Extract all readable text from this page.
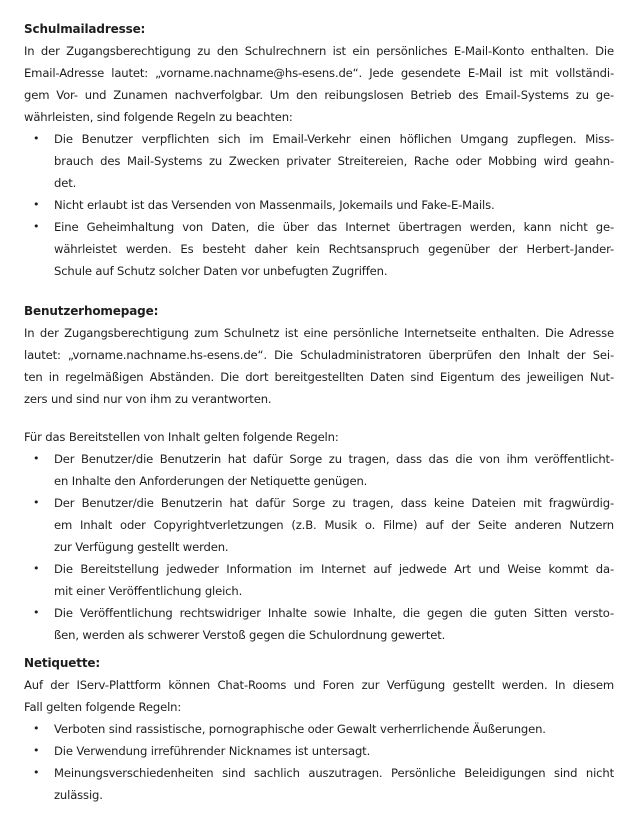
Schulmailadresse:

In der Zugangsberechtigung zu den Schulrechnern ist ein persönliches E-Mail-Konto enthalten. Die

Email-Adresse lautet: „vorname.nachname@hs-esens.de“. Jede gesendete E-Mail ist mit vollständi-

gem Vor- und Zunamen nachverfolgbar. Um den reibungslosen Betrieb des Email-Systems zu ge-

währleisten, sind folgende Regeln zu beachten:

• Die Benutzer verpflichten sich im Email-Verkehr einen höflichen Umgang zupflegen. Miss-

brauch des Mail-Systems zu Zwecken privater Streitereien, Rache oder Mobbing wird geahn-

det.

• Nicht erlaubt ist das Versenden von Massenmails, Jokemails und Fake-E-Mails.

• Eine Geheimhaltung von Daten, die über das Internet übertragen werden, kann nicht ge-

währleistet werden. Es besteht daher kein Rechtsanspruch gegenüber der Herbert-Jander-

Schule auf Schutz solcher Daten vor unbefugten Zugriffen.

Benutzerhomepage:

In der Zugangsberechtigung zum Schulnetz ist eine persönliche Internetseite enthalten. Die Adresse

lautet: „vorname.nachname.hs-esens.de“. Die Schuladministratoren überprüfen den Inhalt der Sei-

ten in regelmäßigen Abständen. Die dort bereitgestellten Daten sind Eigentum des jeweiligen Nut-

zers und sind nur von ihm zu verantworten.

Für das Bereitstellen von Inhalt gelten folgende Regeln:

• Der Benutzer/die Benutzerin hat dafür Sorge zu tragen, dass das die von ihm veröffentlicht-

en Inhalte den Anforderungen der Netiquette genügen.

• Der Benutzer/die Benutzerin hat dafür Sorge zu tragen, dass keine Dateien mit fragwürdig-

em Inhalt oder Copyrightverletzungen (z.B. Musik o. Filme) auf der Seite anderen Nutzern

zur Verfügung gestellt werden.

• Die Bereitstellung jedweder Information im Internet auf jedwede Art und Weise kommt da-

mit einer Veröffentlichung gleich.

• Die Veröffentlichung rechtswidriger Inhalte sowie Inhalte, die gegen die guten Sitten versto-

ßen, werden als schwerer Verstoß gegen die Schulordnung gewertet.

Netiquette:

Auf der IServ-Plattform können Chat-Rooms und Foren zur Verfügung gestellt werden. In diesem

Fall gelten folgende Regeln:

• Verboten sind rassistische, pornographische oder Gewalt verherrlichende Äußerungen.

• Die Verwendung irreführender Nicknames ist untersagt.

• Meinungsverschiedenheiten sind sachlich auszutragen. Persönliche Beleidigungen sind nicht

zulässig.
